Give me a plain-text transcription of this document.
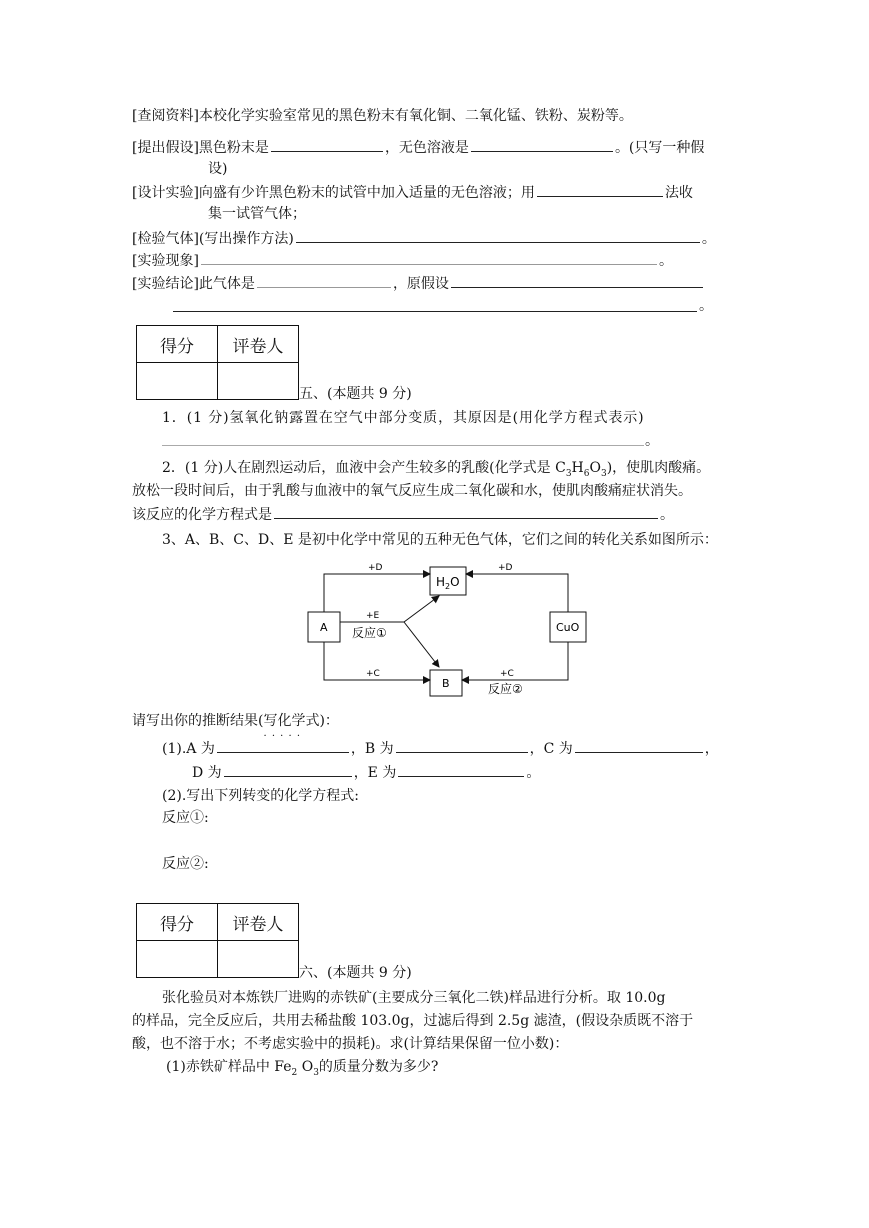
[查阅资料]本校化学实验室常见的黑色粉末有氧化铜、二氧化锰、铁粉、炭粉等。
[提出假设]黑色粉末是	，无色溶液是	。(只写一种假
设)
[设计实验]向盛有少许黑色粉末的试管中加入适量的无色溶液；用	法收
集一试管气体；
[检验气体](写出操作方法)	。
[实验现象]	。
[实验结论]此气体是	，原假设
。
得分	评卷人

五、(本题共 9 分)
1．(1 分)氢氧化钠露置在空气中部分变质，其原因是(用化学方程式表示)
。
2．(1 分)人在剧烈运动后，血液中会产生较多的乳酸(化学式是 $C_3H_6O_3$)，使肌肉酸痛。
放松一段时间后，由于乳酸与血液中的氧气反应生成二氧化碳和水，使肌肉酸痛症状消失。
该反应的化学方程式是	。
3、A、B、C、D、E 是初中化学中常见的五种无色气体，它们之间的转化关系如图所示：
$H_2O$
A
B
CuO
+D	+D
+E
+C	+C
反应①
反应②
请写出你的推断结果(写化学式 · · ·)：
(1).A 为	，B 为	，C 为	，
D 为	，E 为	。
(2).写出下列转变的化学方程式:
反应①:
反应②:
得分	评卷人

六、(本题共 9 分)
张化验员对本炼铁厂进购的赤铁矿(主要成分三氧化二铁)样品进行分析。取 10.0g
的样品，完全反应后，共用去稀盐酸 103.0g，过滤后得到 2.5g 滤渣，(假设杂质既不溶于
酸，也不溶于水；不考虑实验中的损耗)。求(计算结果保留一位小数)：
(1)赤铁矿样品中 $Fe_2$ $O_3$的质量分数为多少?
